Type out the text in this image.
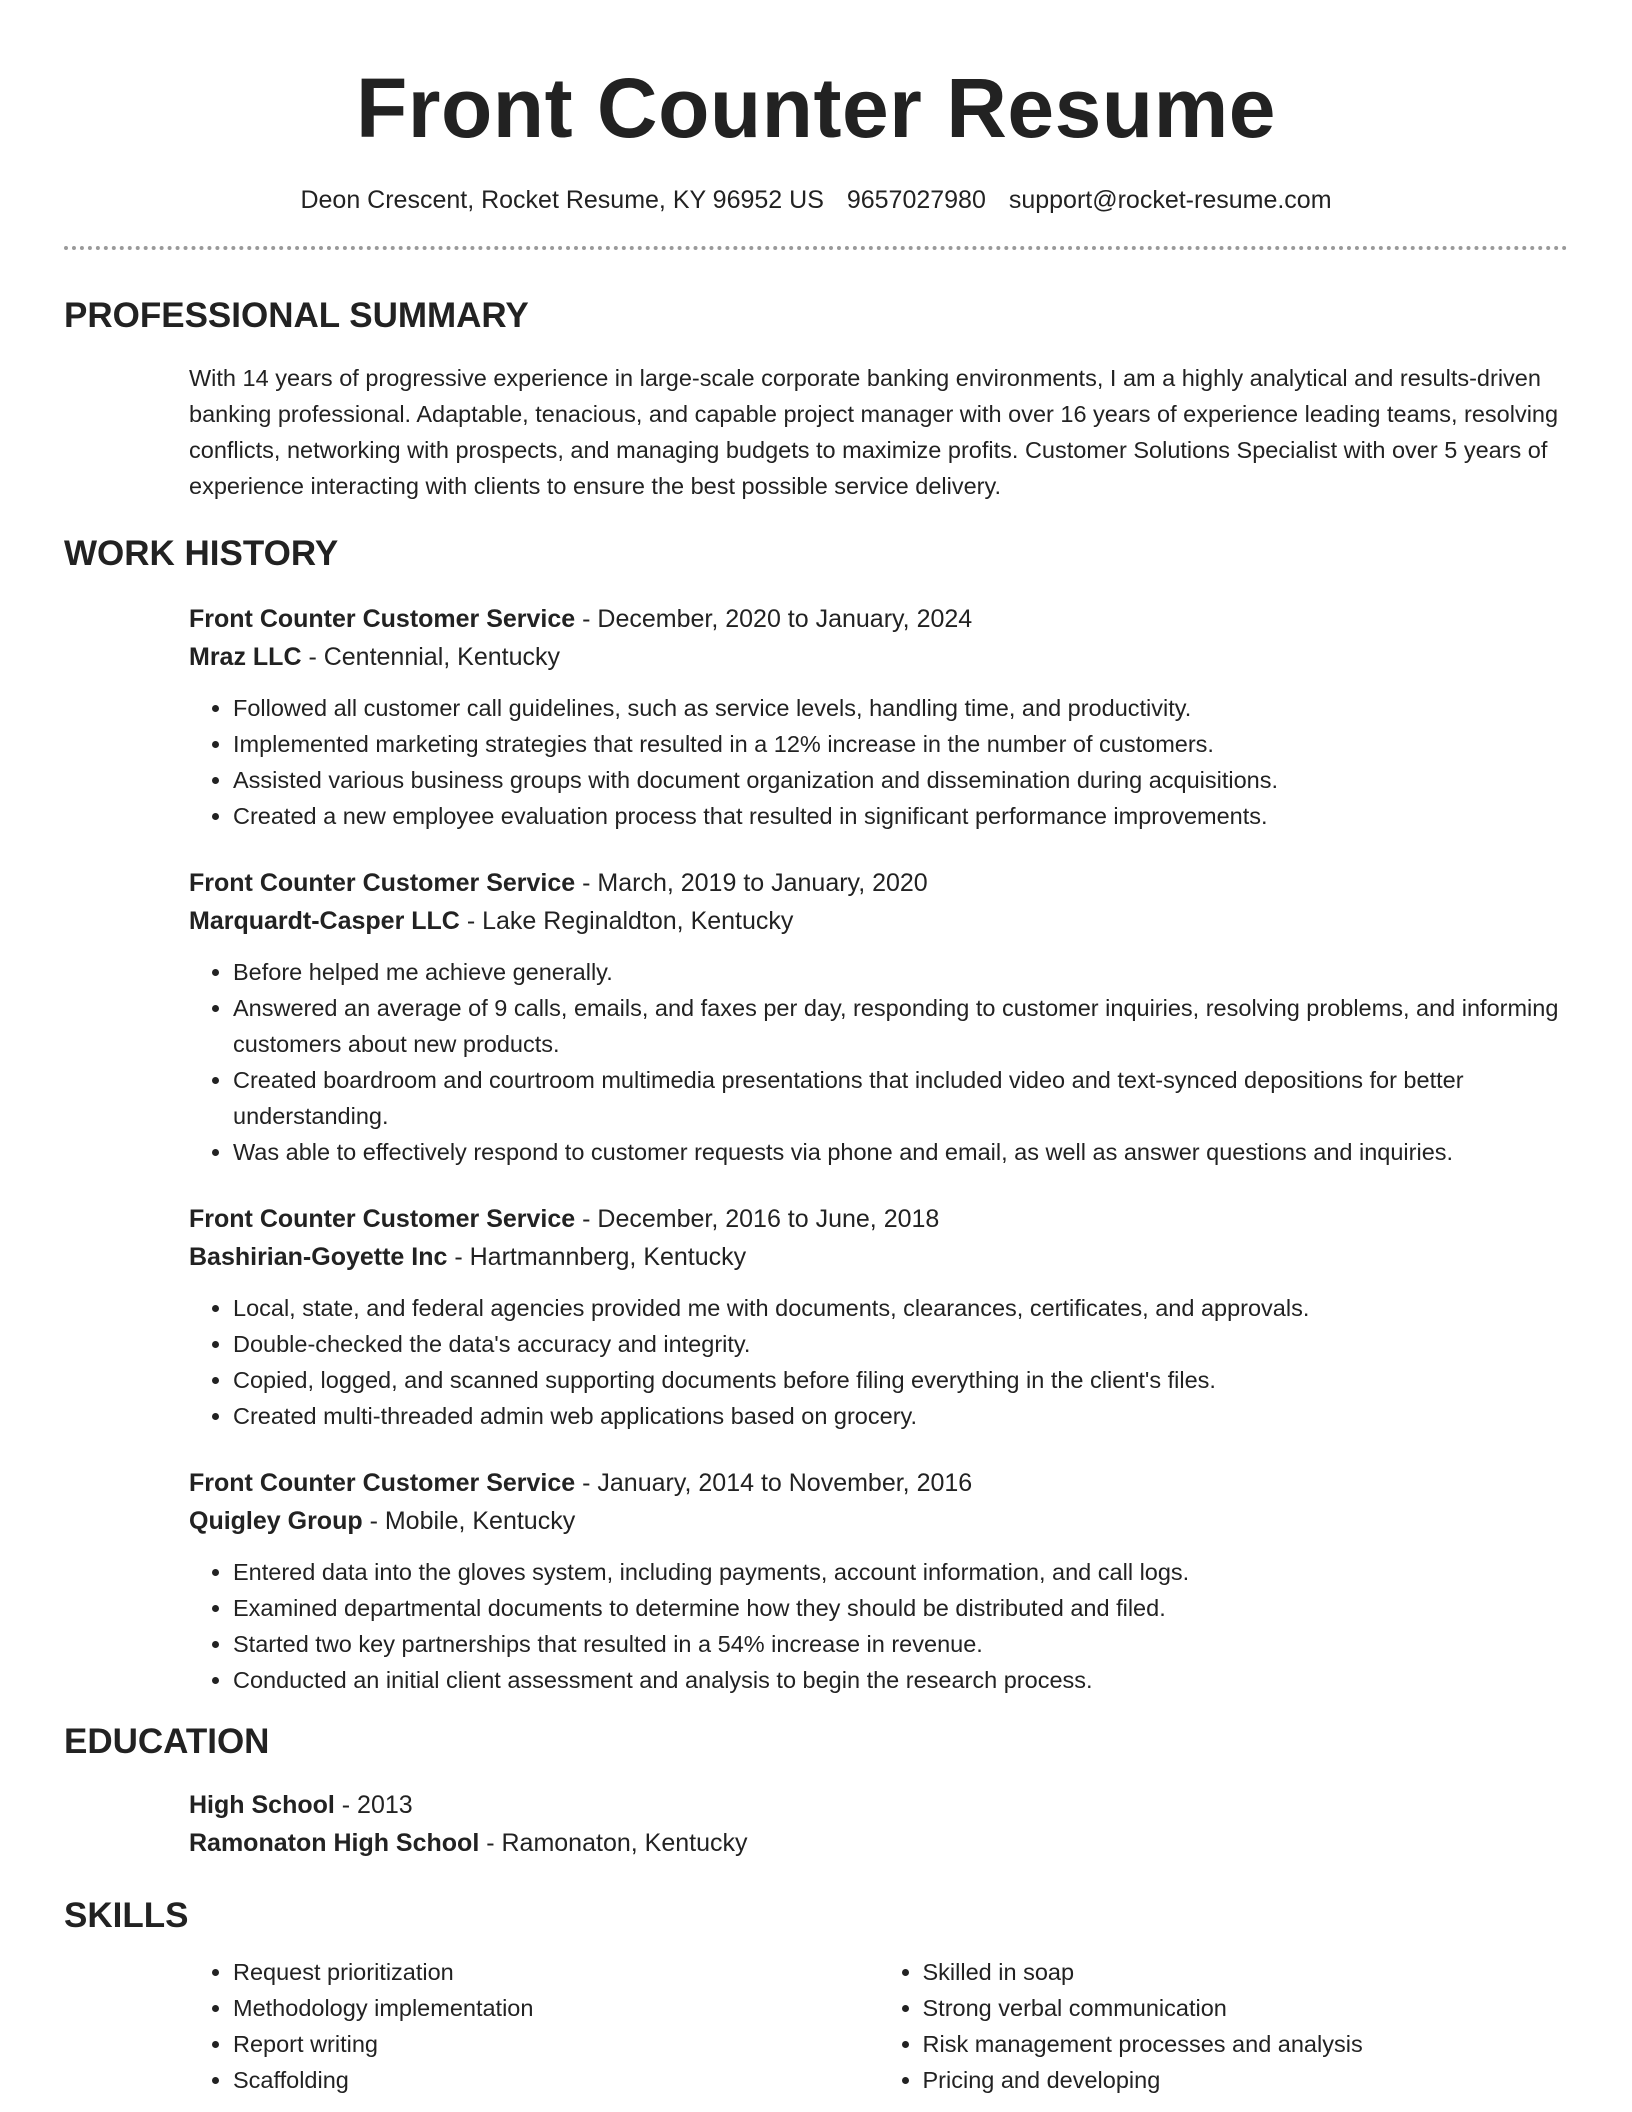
Front Counter Resume
Deon Crescent, Rocket Resume, KY 96952 US 9657027980 support@rocket-resume.com
PROFESSIONAL SUMMARY

With 14 years of progressive experience in large-scale corporate banking environments, I am a highly analytical and results-driven banking professional. Adaptable, tenacious, and capable project manager with over 16 years of experience leading teams, resolving conflicts, networking with prospects, and managing budgets to maximize profits. Customer Solutions Specialist with over 5 years of experience interacting with clients to ensure the best possible service delivery.

WORK HISTORY
Front Counter Customer Service - December, 2020 to January, 2024
Mraz LLC - Centennial, Kentucky
• Followed all customer call guidelines, such as service levels, handling time, and productivity.
• Implemented marketing strategies that resulted in a 12% increase in the number of customers.
• Assisted various business groups with document organization and dissemination during acquisitions.
• Created a new employee evaluation process that resulted in significant performance improvements.
Front Counter Customer Service - March, 2019 to January, 2020
Marquardt-Casper LLC - Lake Reginaldton, Kentucky
• Before helped me achieve generally.
• Answered an average of 9 calls, emails, and faxes per day, responding to customer inquiries, resolving problems, and informing customers about new products.
• Created boardroom and courtroom multimedia presentations that included video and text-synced depositions for better understanding.
• Was able to effectively respond to customer requests via phone and email, as well as answer questions and inquiries.
Front Counter Customer Service - December, 2016 to June, 2018
Bashirian-Goyette Inc - Hartmannberg, Kentucky
• Local, state, and federal agencies provided me with documents, clearances, certificates, and approvals.
• Double-checked the data's accuracy and integrity.
• Copied, logged, and scanned supporting documents before filing everything in the client's files.
• Created multi-threaded admin web applications based on grocery.
Front Counter Customer Service - January, 2014 to November, 2016
Quigley Group - Mobile, Kentucky
• Entered data into the gloves system, including payments, account information, and call logs.
• Examined departmental documents to determine how they should be distributed and filed.
• Started two key partnerships that resulted in a 54% increase in revenue.
• Conducted an initial client assessment and analysis to begin the research process.
EDUCATION
High School - 2013
Ramonaton High School - Ramonaton, Kentucky
SKILLS
• Request prioritization
• Methodology implementation
• Report writing
• Scaffolding
• Skilled in soap
• Strong verbal communication
• Risk management processes and analysis
• Pricing and developing
